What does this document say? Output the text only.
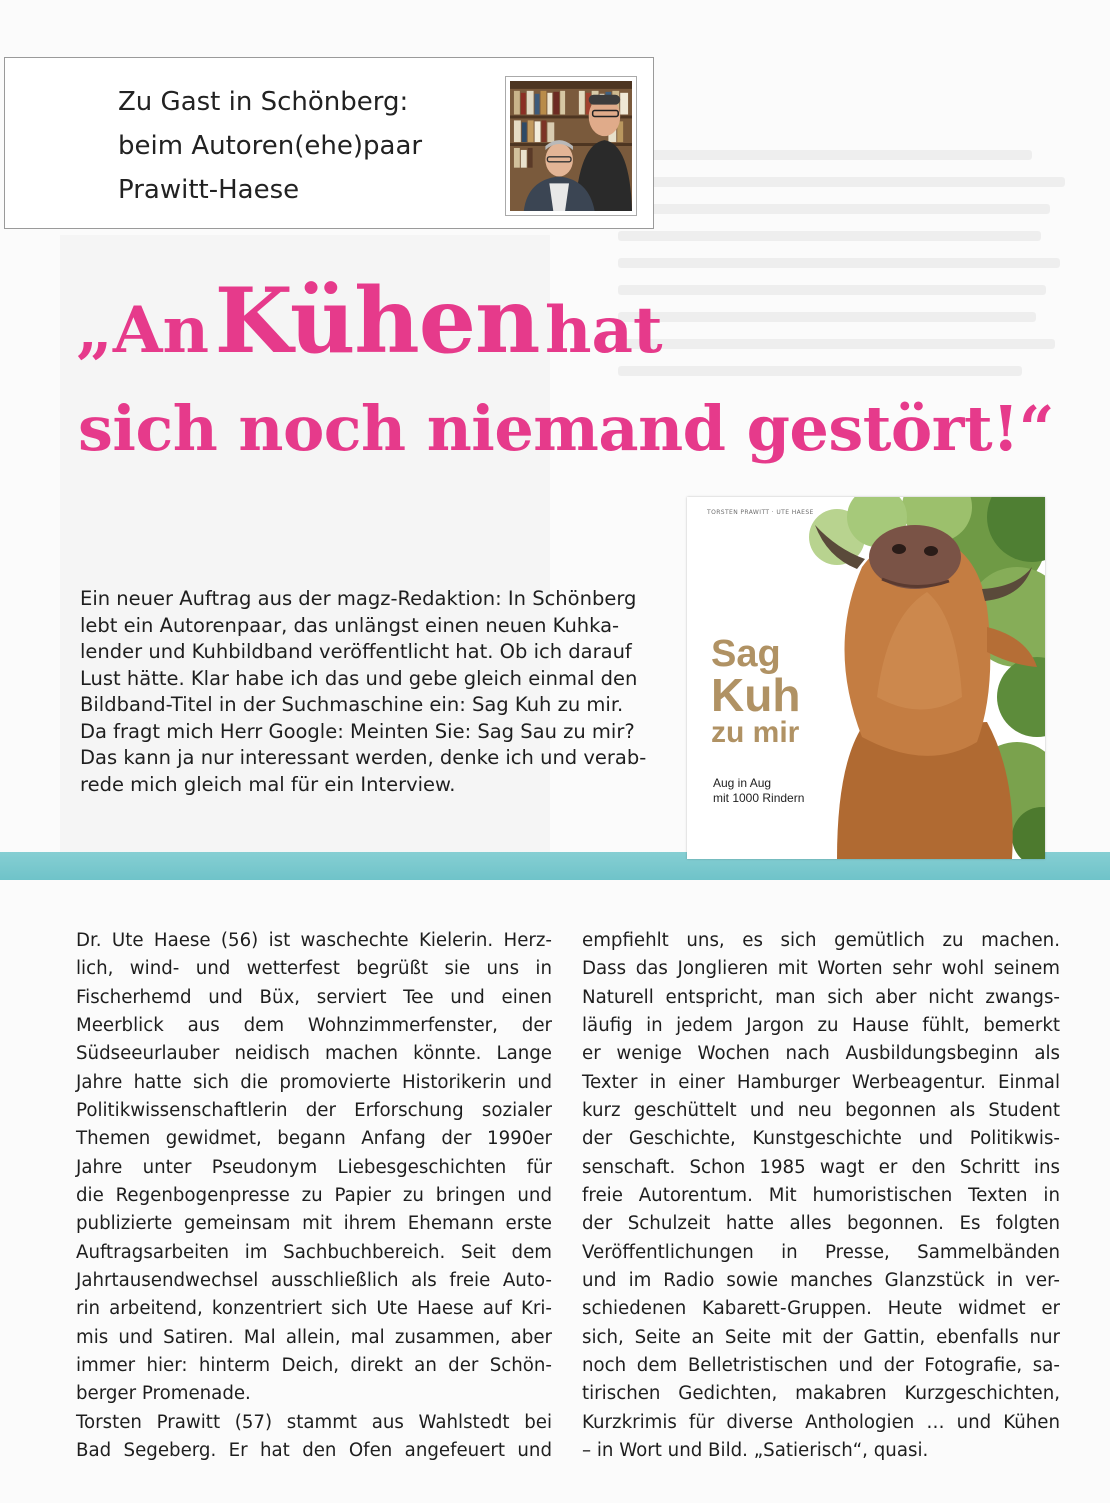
Zu Gast in Schönberg:
beim Autoren(ehe)paar
Prawitt-Haese
„An Kühen hat
sich noch niemand gestört!“
Ein neuer Auftrag aus der magz-Redaktion: In Schönberg
lebt ein Autorenpaar, das unlängst einen neuen Kuhka-
lender und Kuhbildband veröffentlicht hat. Ob ich darauf
Lust hätte. Klar habe ich das und gebe gleich einmal den
Bildband-Titel in der Suchmaschine ein: Sag Kuh zu mir.
Da fragt mich Herr Google: Meinten Sie: Sag Sau zu mir?
Das kann ja nur interessant werden, denke ich und verab-
rede mich gleich mal für ein Interview.
TORSTEN PRAWITT · UTE HAESE
Sag
Kuh
zu mir
Aug in Aug
mit 1000 Rindern
Dr. Ute Haese (56) ist waschechte Kielerin. Herz-
lich, wind- und wetterfest begrüßt sie uns in
Fischerhemd und Büx, serviert Tee und einen
Meerblick aus dem Wohnzimmerfenster, der
Südseeurlauber neidisch machen könnte. Lange
Jahre hatte sich die promovierte Historikerin und
Politikwissenschaftlerin der Erforschung sozialer
Themen gewidmet, begann Anfang der 1990er
Jahre unter Pseudonym Liebesgeschichten für
die Regenbogenpresse zu Papier zu bringen und
publizierte gemeinsam mit ihrem Ehemann erste
Auftragsarbeiten im Sachbuchbereich. Seit dem
Jahrtausendwechsel ausschließlich als freie Auto-
rin arbeitend, konzentriert sich Ute Haese auf Kri-
mis und Satiren. Mal allein, mal zusammen, aber
immer hier: hinterm Deich, direkt an der Schön-
berger Promenade.
Torsten Prawitt (57) stammt aus Wahlstedt bei
Bad Segeberg. Er hat den Ofen angefeuert und
empfiehlt uns, es sich gemütlich zu machen.
Dass das Jonglieren mit Worten sehr wohl seinem
Naturell entspricht, man sich aber nicht zwangs-
läufig in jedem Jargon zu Hause fühlt, bemerkt
er wenige Wochen nach Ausbildungsbeginn als
Texter in einer Hamburger Werbeagentur. Einmal
kurz geschüttelt und neu begonnen als Student
der Geschichte, Kunstgeschichte und Politikwis-
senschaft. Schon 1985 wagt er den Schritt ins
freie Autorentum. Mit humoristischen Texten in
der Schulzeit hatte alles begonnen. Es folgten
Veröffentlichungen in Presse, Sammelbänden
und im Radio sowie manches Glanzstück in ver-
schiedenen Kabarett-Gruppen. Heute widmet er
sich, Seite an Seite mit der Gattin, ebenfalls nur
noch dem Belletristischen und der Fotografie, sa-
tirischen Gedichten, makabren Kurzgeschichten,
Kurzkrimis für diverse Anthologien … und Kühen
– in Wort und Bild. „Satierisch“, quasi.
